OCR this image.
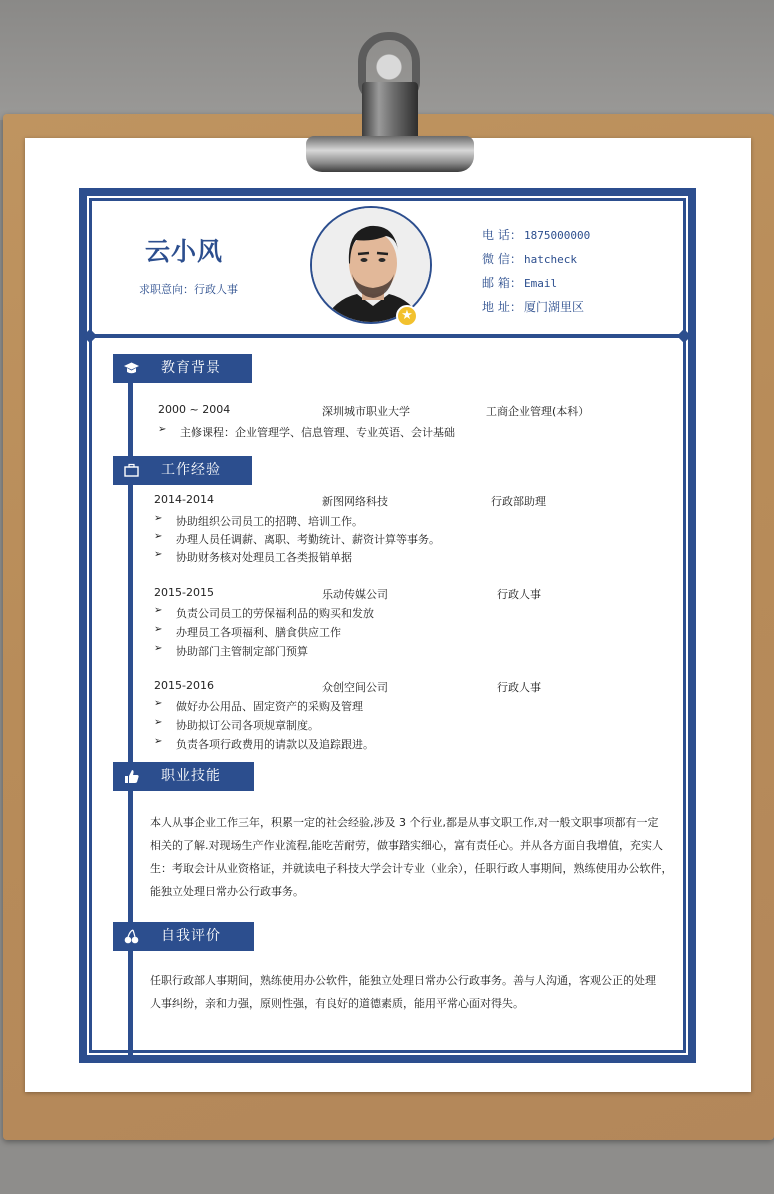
云小风
求职意向：行政人事
★
电 话： 1875000000
微 信： hatcheck
邮 箱： Email
地 址： 厦门湖里区
教育背景
2000 ~ 2004	深圳城市职业大学	工商企业管理(本科）
➢ 主修课程：企业管理学、信息管理、专业英语、会计基础
工作经验
2014-2014	新图网络科技	行政部助理
➢ 协助组织公司员工的招聘、培训工作。
➢ 办理人员任调薪、离职、考勤统计、薪资计算等事务。
➢ 协助财务核对处理员工各类报销单据
2015-2015	乐动传媒公司	行政人事
➢ 负责公司员工的劳保福利品的购买和发放
➢ 办理员工各项福利、膳食供应工作
➢ 协助部门主管制定部门预算
2015-2016	众创空间公司	行政人事
➢ 做好办公用品、固定资产的采购及管理
➢ 协助拟订公司各项规章制度。
➢ 负责各项行政费用的请款以及追踪跟进。
职业技能
本人从事企业工作三年，积累一定的社会经验,涉及 3 个行业,都是从事文职工作,对一般文职事项都有一定
相关的了解.对现场生产作业流程,能吃苦耐劳，做事踏实细心，富有责任心。并从各方面自我增值，充实人
生：考取会计从业资格证，并就读电子科技大学会计专业（业余），任职行政人事期间，熟练使用办公软件，
能独立处理日常办公行政事务。
自我评价
任职行政部人事期间，熟练使用办公软件，能独立处理日常办公行政事务。善与人沟通，客观公正的处理
人事纠纷，亲和力强，原则性强，有良好的道德素质，能用平常心面对得失。
